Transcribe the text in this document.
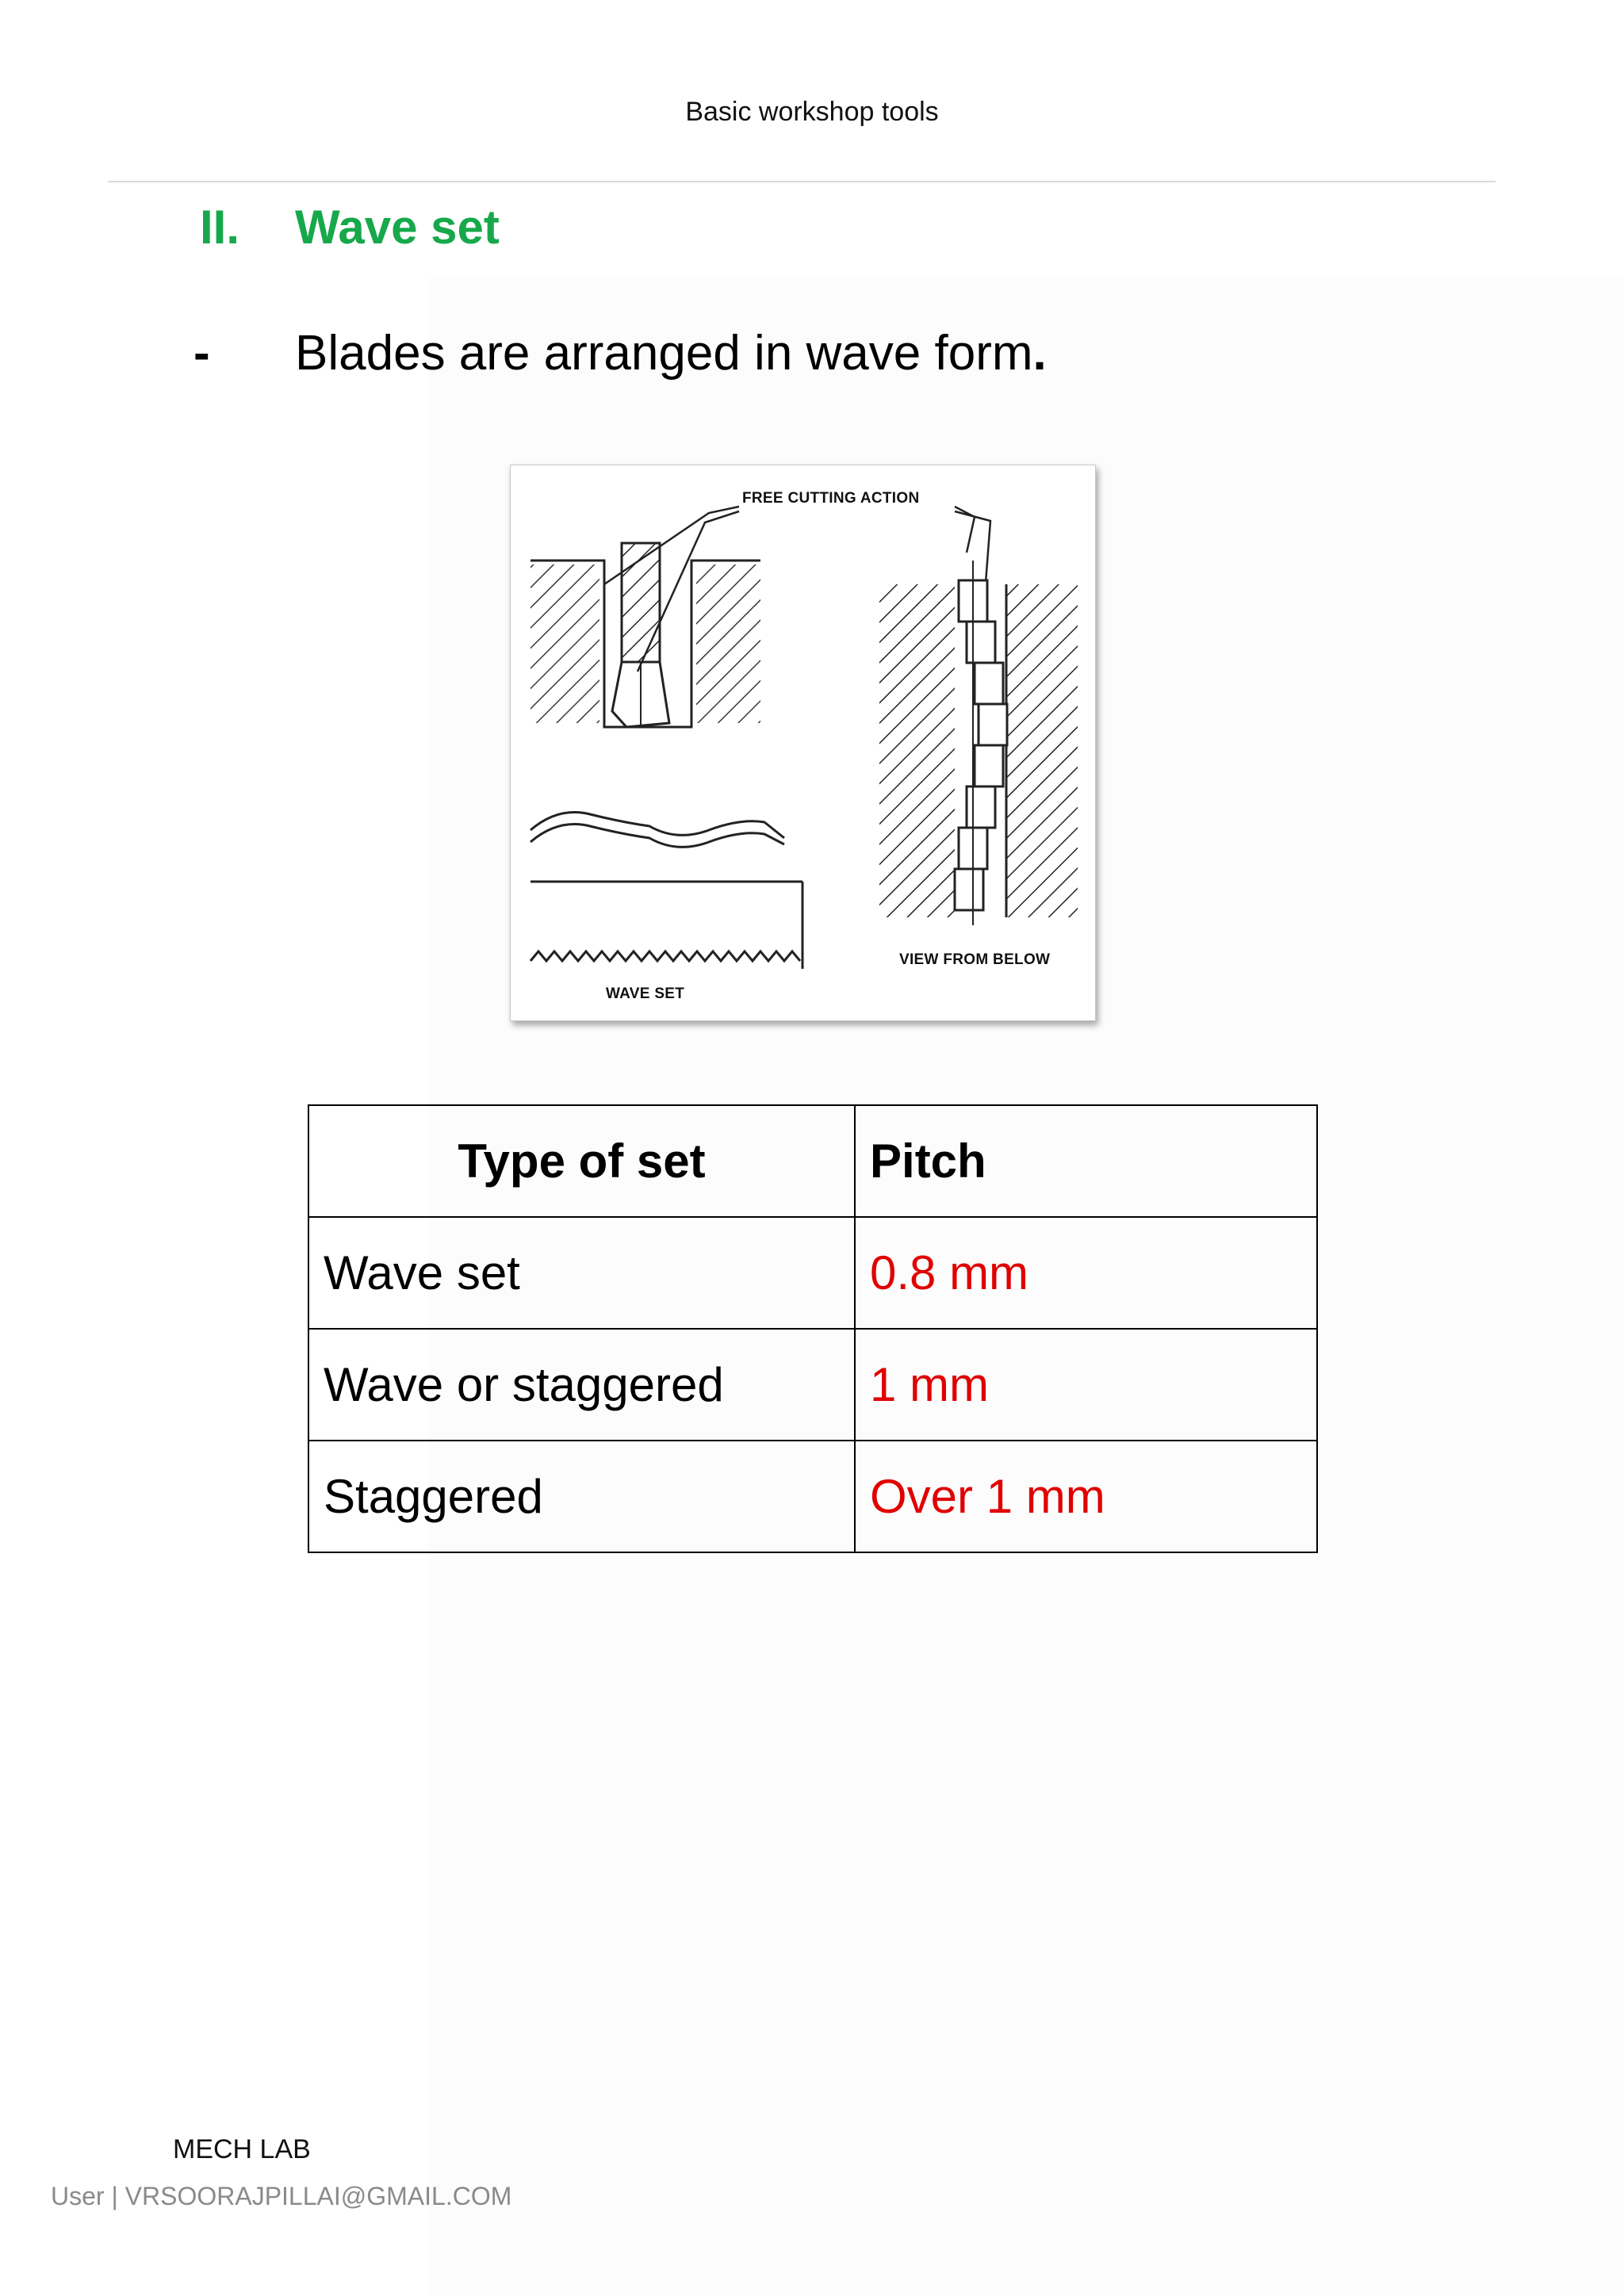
Basic workshop tools
II. Wave set
- Blades are arranged in wave form.
FREE CUTTING ACTION
VIEW FROM BELOW
WAVE SET
Type of set	Pitch
Wave set	0.8 mm
Wave or staggered	1 mm
Staggered	Over 1 mm
MECH LAB
User | VRSOORAJPILLAI@GMAIL.COM
